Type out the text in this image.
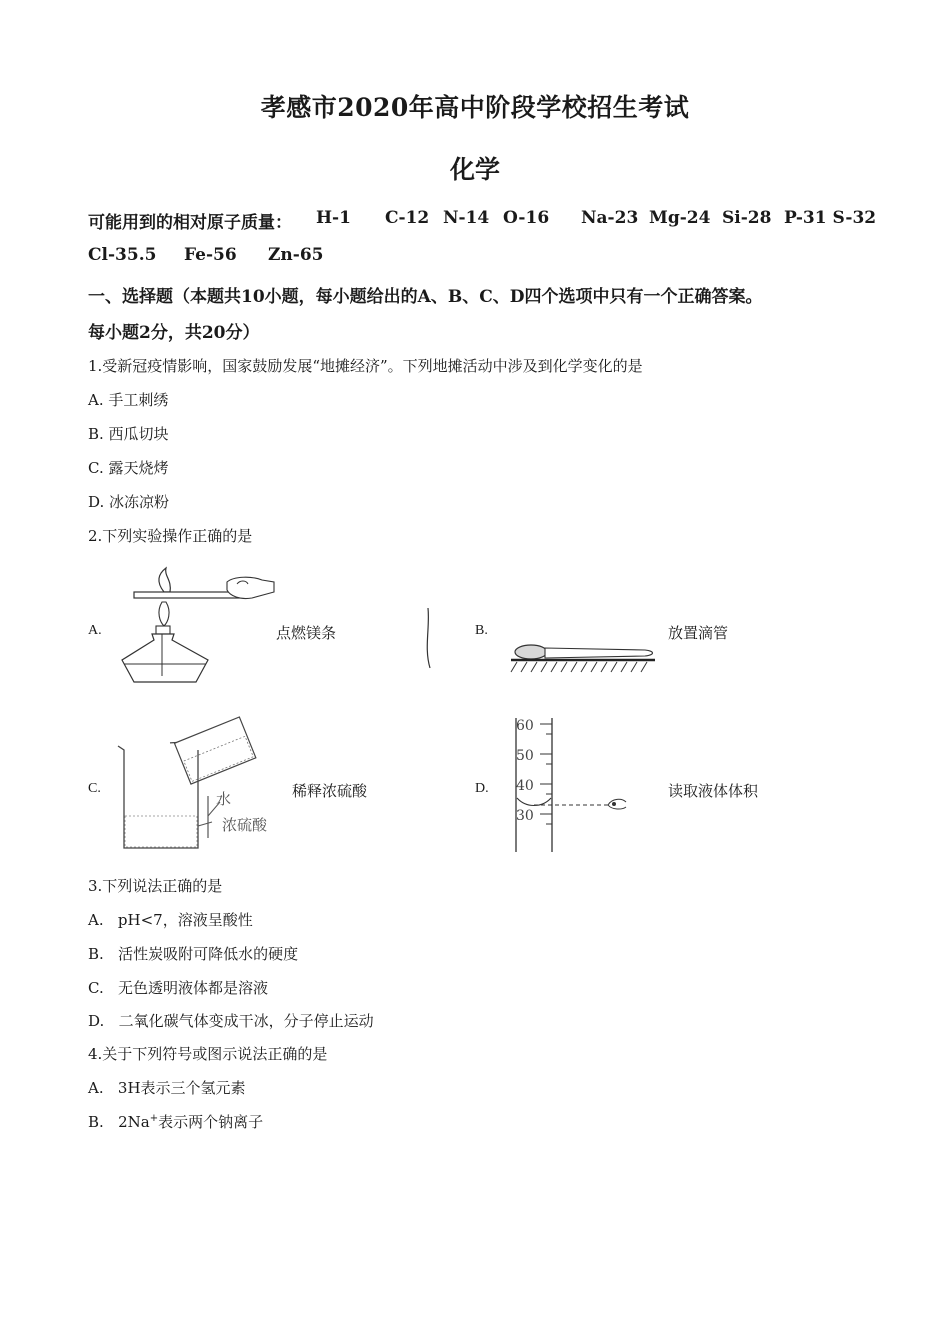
孝感市2020年高中阶段学校招生考试
化学
可能用到的相对原子质量： H-1 C-12 N-14 O-16 Na-23 Mg-24 Si-28 P-31 S-32
Cl-35.5 Fe-56 Zn-65
一、选择题（本题共10小题，每小题给出的A、B、C、D四个选项中只有一个正确答案。
每小题2分，共20分）
1.受新冠疫情影响，国家鼓励发展“地摊经济”。下列地摊活动中涉及到化学变化的是
A. 手工刺绣
B. 西瓜切块
C. 露天烧烤
D. 冰冻凉粉
2.下列实验操作正确的是
A.	点燃镁条	B.	放置滴管
C.
水
浓硫酸
稀释浓硫酸	D.
60
50
40
30
读取液体体积
3.下列说法正确的是
A.   pH<7，溶液呈酸性
B.   活性炭吸附可降低水的硬度
C.   无色透明液体都是溶液
D.   二氧化碳气体变成干冰，分子停止运动
4.关于下列符号或图示说法正确的是
A.   3H表示三个氢元素
B.   2Na+表示两个钠离子
